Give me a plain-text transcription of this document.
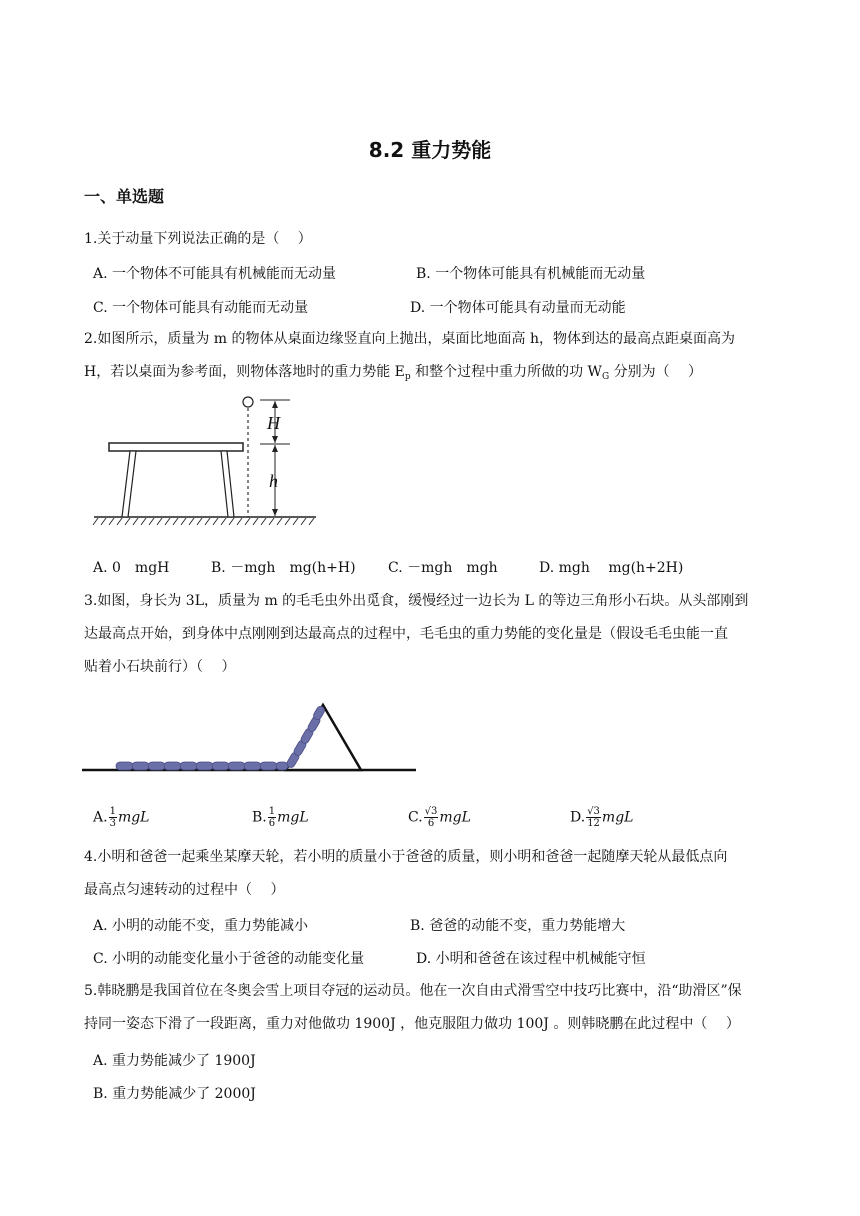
8.2 重力势能
一、单选题
1.关于动量下列说法正确的是（　 ）
A. 一个物体不可能具有机械能而无动量	B. 一个物体可能具有机械能而无动量
C. 一个物体可能具有动能而无动量	D. 一个物体可能具有动量而无动能
2.如图所示，质量为 m 的物体从桌面边缘竖直向上抛出，桌面比地面高 h，物体到达的最高点距桌面高为
H，若以桌面为参考面，则物体落地时的重力势能 $E_p$ 和整个过程中重力所做的功 $W_G$ 分别为（　 ）
H
h
A. 0　mgH	B. －mgh　mg(h+H) C. －mgh　mgh	D. mgh　 mg(h+2H)
3.如图，身长为 3L，质量为 m 的毛毛虫外出觅食，缓慢经过一边长为 L 的等边三角形小石块。从头部刚到
达最高点开始，到身体中点刚刚到达最高点的过程中，毛毛虫的重力势能的变化量是（假设毛毛虫能一直
贴着小石块前行）（　 ）
A. $\frac{1}{3}$ mgL	B. $\frac{1}{6}$ mgL	C. $\frac{√3}{6}$ mgL	D. $\frac{√3}{12}$ mgL
4.小明和爸爸一起乘坐某摩天轮，若小明的质量小于爸爸的质量，则小明和爸爸一起随摩天轮从最低点向
最高点匀速转动的过程中（　 ）
A. 小明的动能不变，重力势能减小	B. 爸爸的动能不变，重力势能增大
C. 小明的动能变化量小于爸爸的动能变化量	D. 小明和爸爸在该过程中机械能守恒
5.韩晓鹏是我国首位在冬奥会雪上项目夺冠的运动员。他在一次自由式滑雪空中技巧比赛中，沿“助滑区”保
持同一姿态下滑了一段距离，重力对他做功 1900J ，他克服阻力做功 100J 。则韩晓鹏在此过程中（　 ）
A. 重力势能减少了 1900J
B. 重力势能减少了 2000J
